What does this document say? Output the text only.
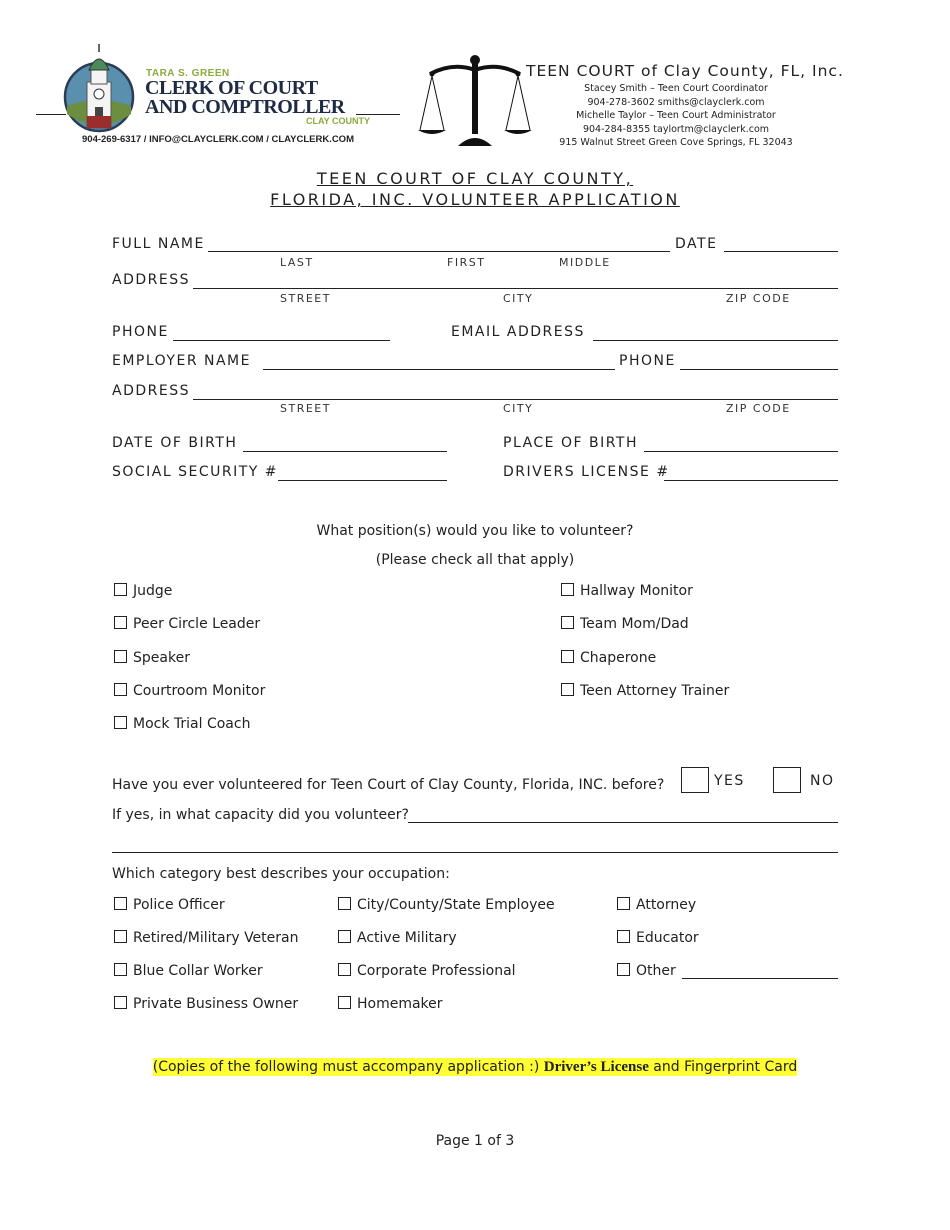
TARA S. GREEN
CLERK OF COURT
AND COMPTROLLER
CLAY COUNTY
904-269-6317 / INFO@CLAYCLERK.COM / CLAYCLERK.COM
TEEN COURT of Clay County, FL, Inc.
Stacey Smith – Teen Court Coordinator
904-278-3602 smiths@clayclerk.com
Michelle Taylor – Teen Court Administrator
904-284-8355 taylortm@clayclerk.com
915 Walnut Street Green Cove Springs, FL 32043
TEEN COURT OF CLAY COUNTY,
FLORIDA, INC. VOLUNTEER APPLICATION
FULL NAME	DATE
LAST	FIRST	MIDDLE
ADDRESS
STREET	CITY	ZIP CODE
PHONE	EMAIL ADDRESS
EMPLOYER NAME	PHONE
ADDRESS
STREET	CITY	ZIP CODE
DATE OF BIRTH	PLACE OF BIRTH
SOCIAL SECURITY #	DRIVERS LICENSE #
What position(s) would you like to volunteer?
(Please check all that apply)
Judge
Peer Circle Leader
Speaker
Courtroom Monitor
Mock Trial Coach
Hallway Monitor
Team Mom/Dad
Chaperone
Teen Attorney Trainer
Have you ever volunteered for Teen Court of Clay County, Florida, INC. before?	YES	NO
If yes, in what capacity did you volunteer?
Which category best describes your occupation:
Police Officer
Retired/Military Veteran
Blue Collar Worker
Private Business Owner
City/County/State Employee
Active Military
Corporate Professional
Homemaker
Attorney
Educator
Other
(Copies of the following must accompany application :) Driver’s License and Fingerprint Card
Page 1 of 3
